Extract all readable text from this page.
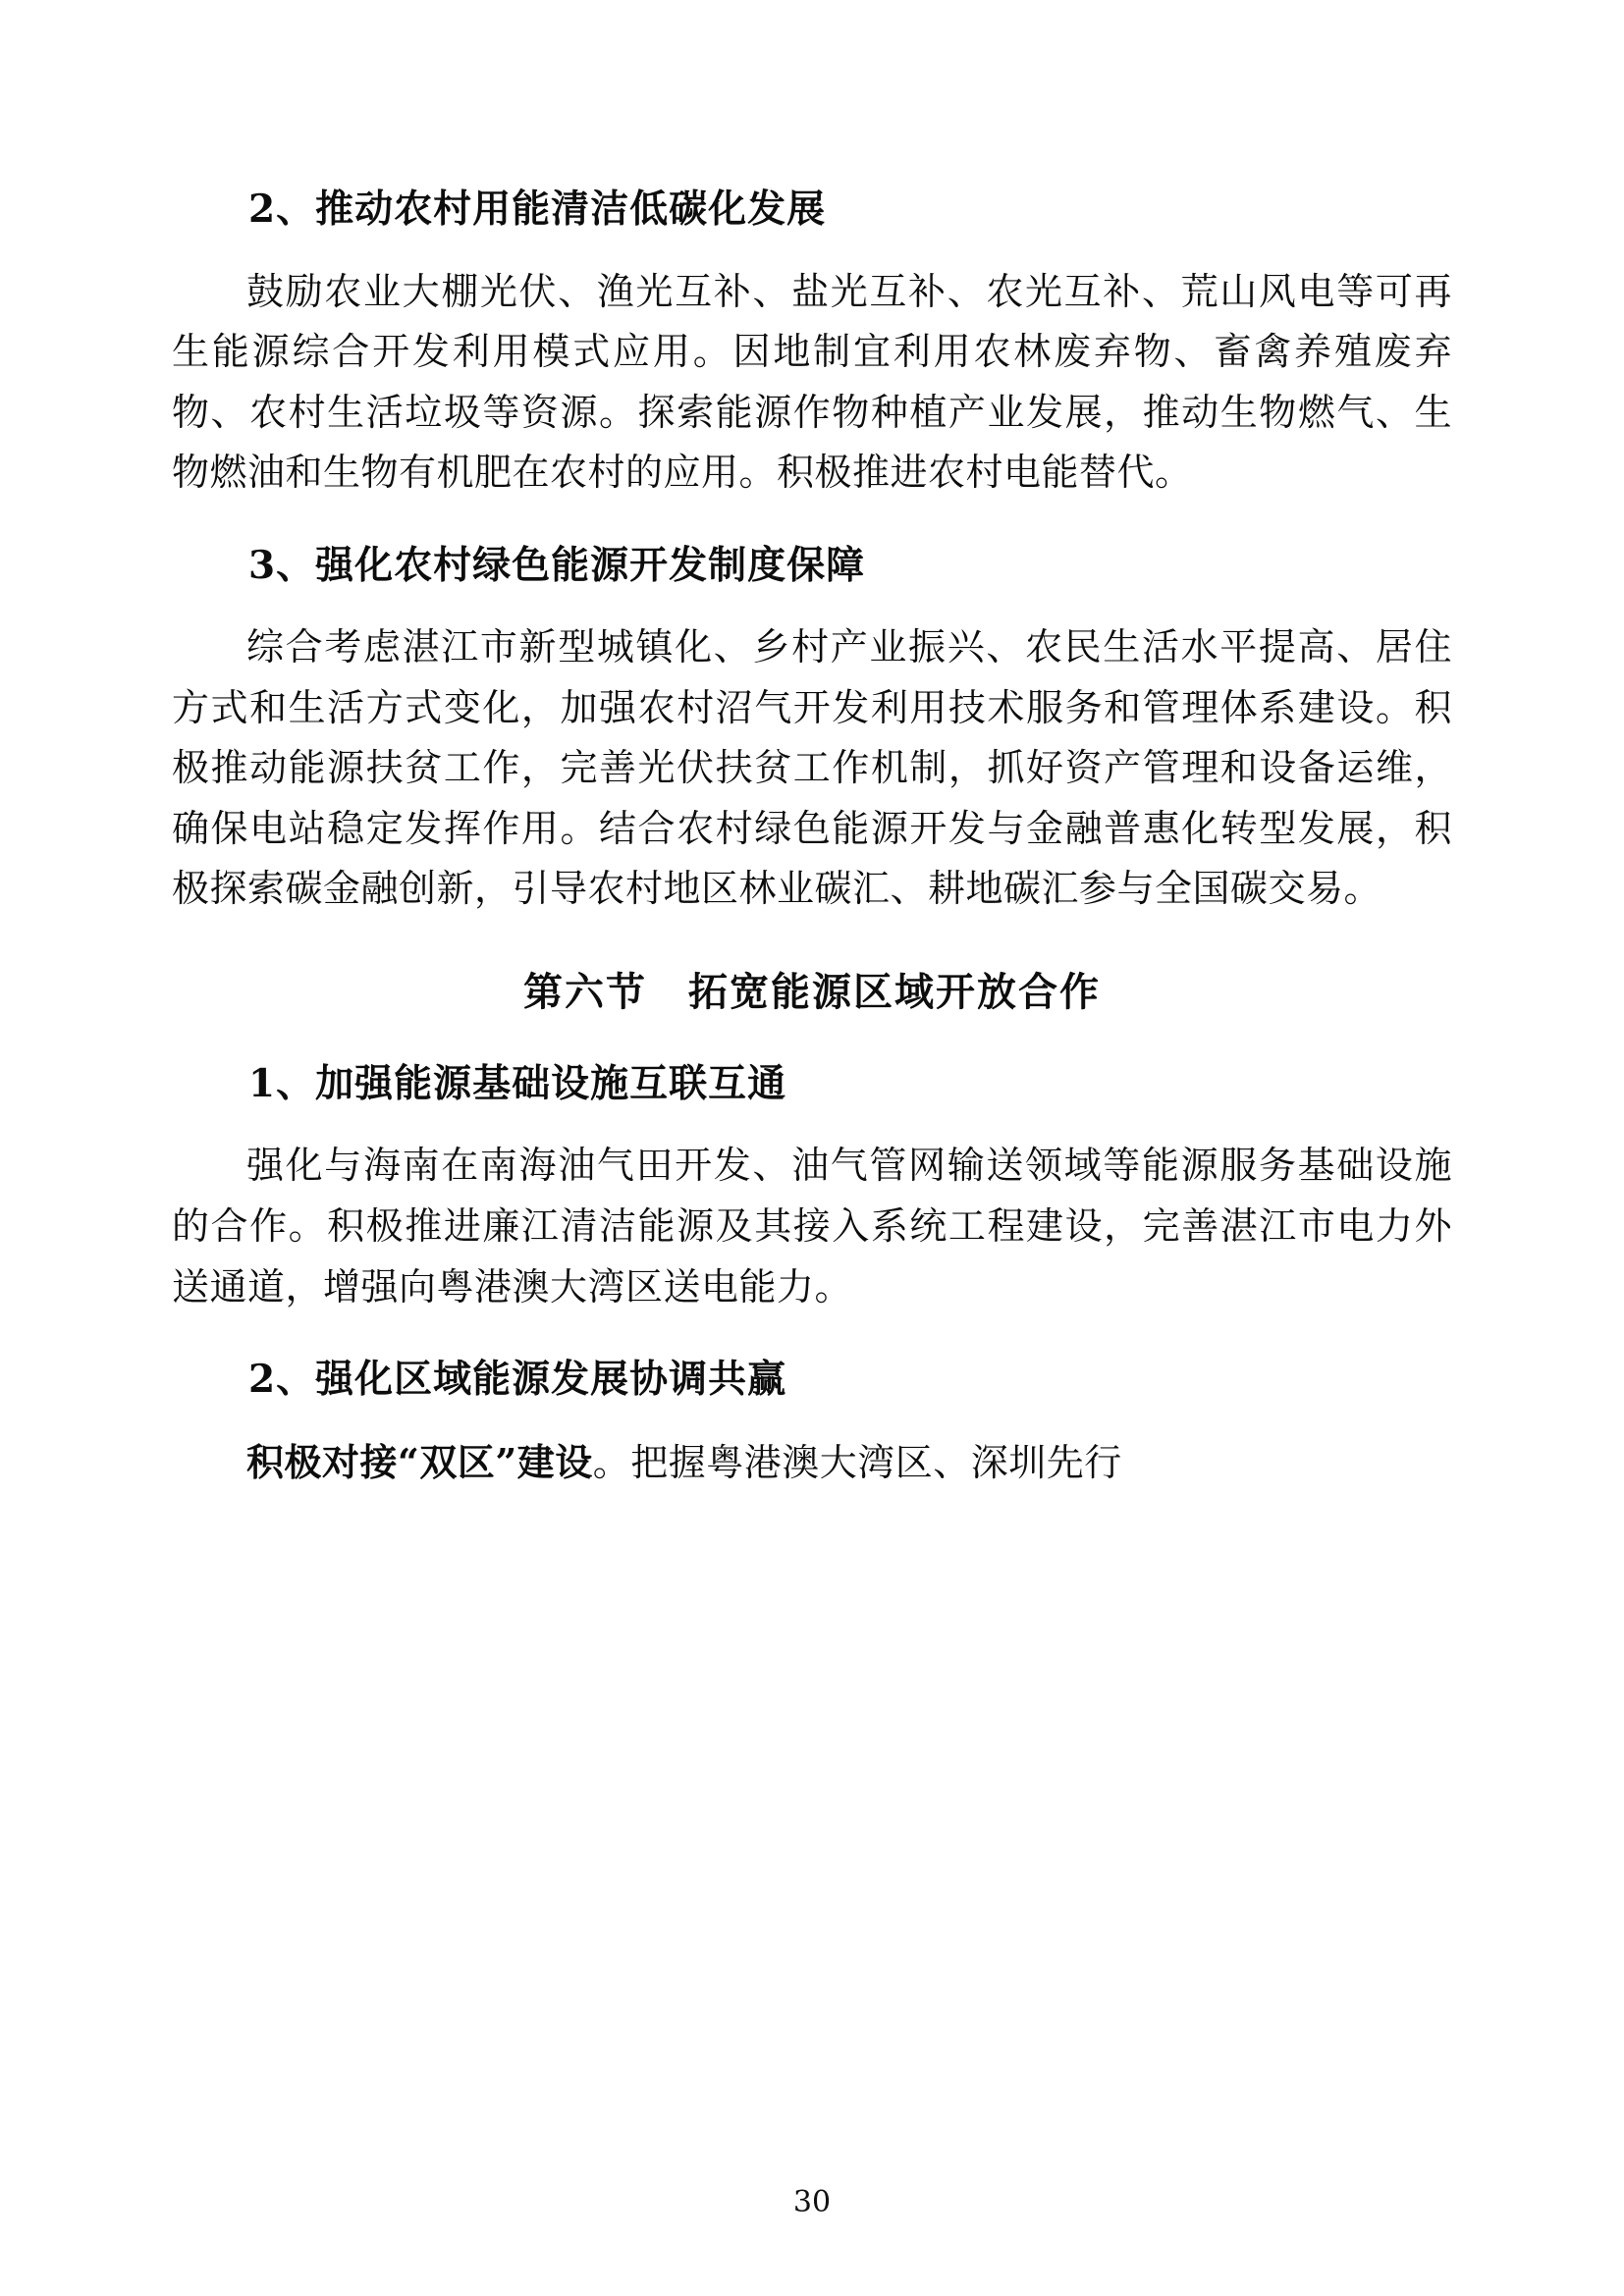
2、推动农村用能清洁低碳化发展

鼓励农业大棚光伏、渔光互补、盐光互补、农光互补、荒山风电等可再生能源综合开发利用模式应用。因地制宜利用农林废弃物、畜禽养殖废弃物、农村生活垃圾等资源。探索能源作物种植产业发展，推动生物燃气、生物燃油和生物有机肥在农村的应用。积极推进农村电能替代。

3、强化农村绿色能源开发制度保障

综合考虑湛江市新型城镇化、乡村产业振兴、农民生活水平提高、居住方式和生活方式变化，加强农村沼气开发利用技术服务和管理体系建设。积极推动能源扶贫工作，完善光伏扶贫工作机制，抓好资产管理和设备运维，确保电站稳定发挥作用。结合农村绿色能源开发与金融普惠化转型发展，积极探索碳金融创新，引导农村地区林业碳汇、耕地碳汇参与全国碳交易。

第六节　拓宽能源区域开放合作
1、加强能源基础设施互联互通

强化与海南在南海油气田开发、油气管网输送领域等能源服务基础设施的合作。积极推进廉江清洁能源及其接入系统工程建设，完善湛江市电力外送通道，增强向粤港澳大湾区送电能力。

2、强化区域能源发展协调共赢

积极对接“双区”建设。把握粤港澳大湾区、深圳先行

30
